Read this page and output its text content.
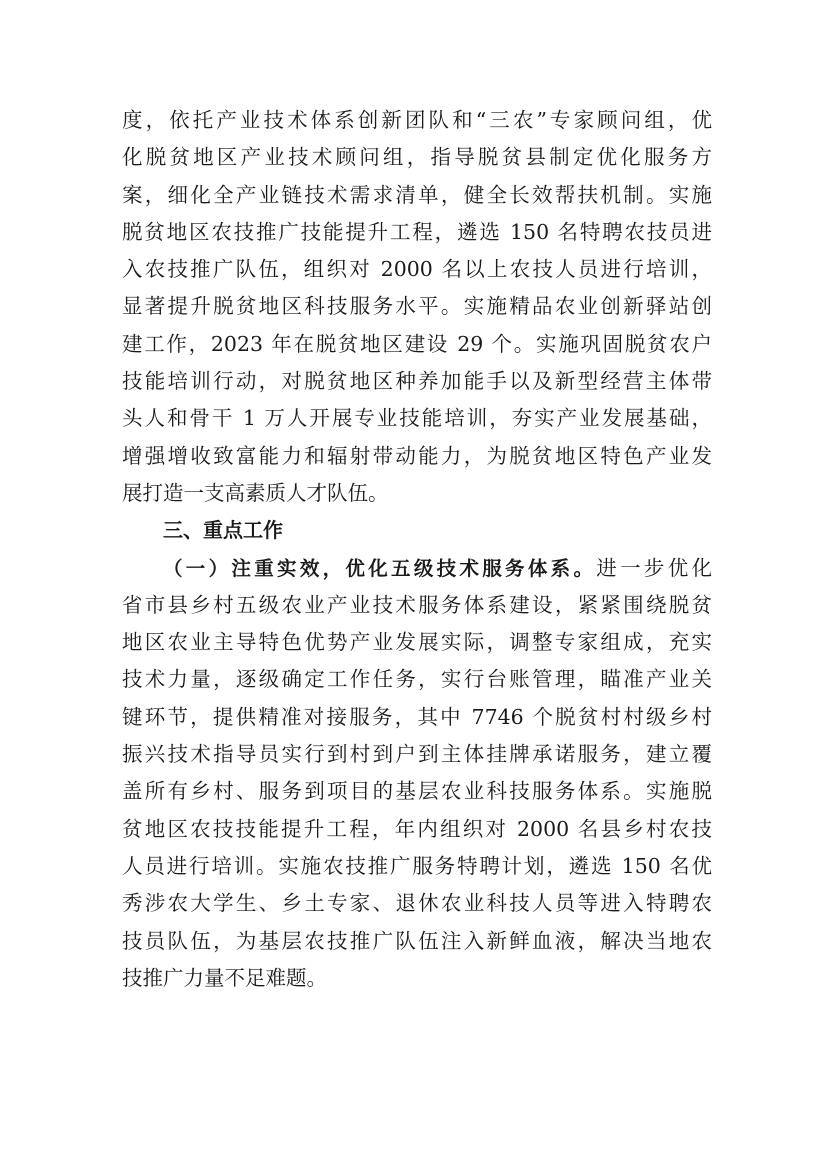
度，依托产业技术体系创新团队和“三农”专家顾问组，优
化脱贫地区产业技术顾问组，指导脱贫县制定优化服务方
案，细化全产业链技术需求清单，健全长效帮扶机制。实施
脱贫地区农技推广技能提升工程，遴选 150 名特聘农技员进
入农技推广队伍，组织对 2000 名以上农技人员进行培训，
显著提升脱贫地区科技服务水平。实施精品农业创新驿站创
建工作，2023 年在脱贫地区建设 29 个。实施巩固脱贫农户
技能培训行动，对脱贫地区种养加能手以及新型经营主体带
头人和骨干 1 万人开展专业技能培训，夯实产业发展基础，
增强增收致富能力和辐射带动能力，为脱贫地区特色产业发
展打造一支高素质人才队伍。
三、重点工作
（一）注重实效，优化五级技术服务体系。进一步优化
省市县乡村五级农业产业技术服务体系建设，紧紧围绕脱贫
地区农业主导特色优势产业发展实际，调整专家组成，充实
技术力量，逐级确定工作任务，实行台账管理，瞄准产业关
键环节，提供精准对接服务，其中 7746 个脱贫村村级乡村
振兴技术指导员实行到村到户到主体挂牌承诺服务，建立覆
盖所有乡村、服务到项目的基层农业科技服务体系。实施脱
贫地区农技技能提升工程，年内组织对 2000 名县乡村农技
人员进行培训。实施农技推广服务特聘计划，遴选 150 名优
秀涉农大学生、乡土专家、退休农业科技人员等进入特聘农
技员队伍，为基层农技推广队伍注入新鲜血液，解决当地农
技推广力量不足难题。
